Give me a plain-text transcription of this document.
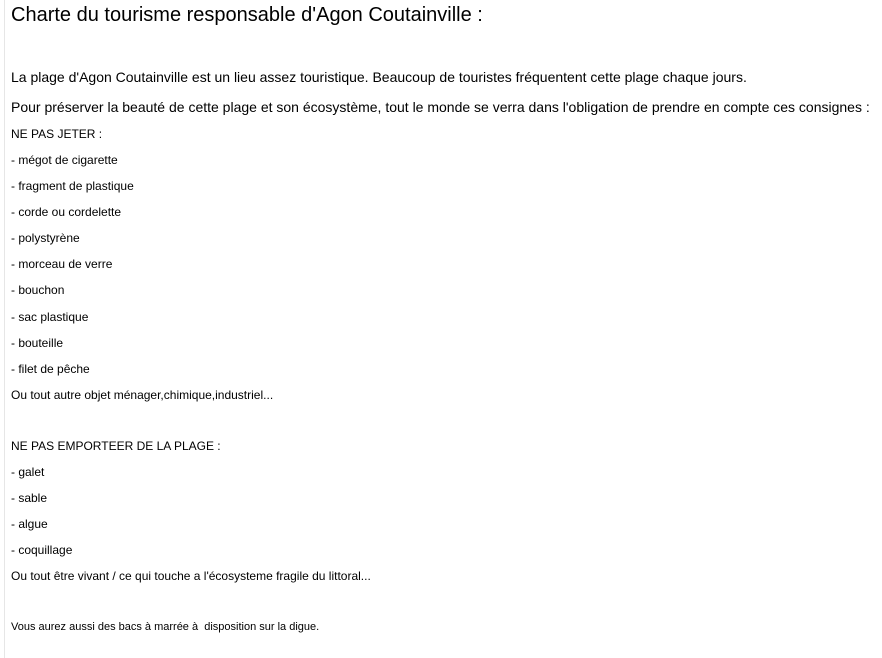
Charte du tourisme responsable d'Agon Coutainville :
La plage d'Agon Coutainville est un lieu assez touristique. Beaucoup de touristes fréquentent cette plage chaque jours.
Pour préserver la beauté de cette plage et son écosystème, tout le monde se verra dans l'obligation de prendre en compte ces consignes :
NE PAS JETER :
- mégot de cigarette
- fragment de plastique
- corde ou cordelette
- polystyrène
- morceau de verre
- bouchon
- sac plastique
- bouteille
- filet de pêche
Ou tout autre objet ménager,chimique,industriel...
NE PAS EMPORTEER DE LA PLAGE :
- galet
- sable
- algue
- coquillage
Ou tout être vivant / ce qui touche a l'écosysteme fragile du littoral...
Vous aurez aussi des bacs à marrée à  disposition sur la digue.
